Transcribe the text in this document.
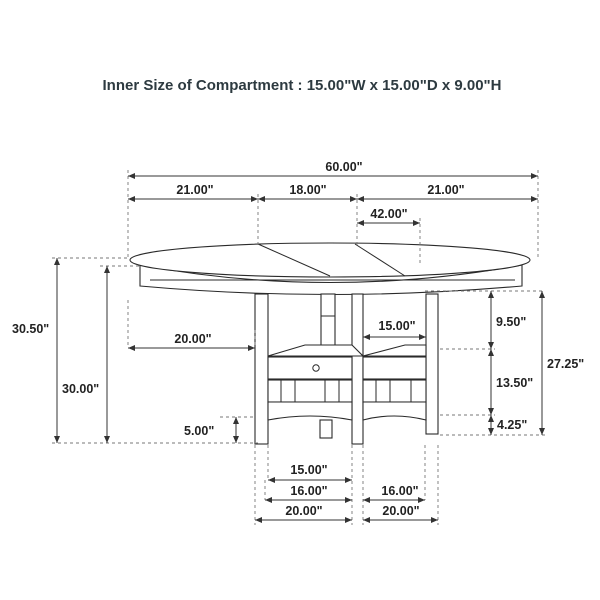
Inner Size of Compartment : 15.00"W x 15.00"D x 9.00"H
60.00"
21.00"	18.00"	21.00"
42.00"
30.50"
30.00"
20.00"
15.00"	9.50"
27.25"
13.50"
4.25"
5.00"
15.00"
16.00"	16.00"
20.00"	20.00"
